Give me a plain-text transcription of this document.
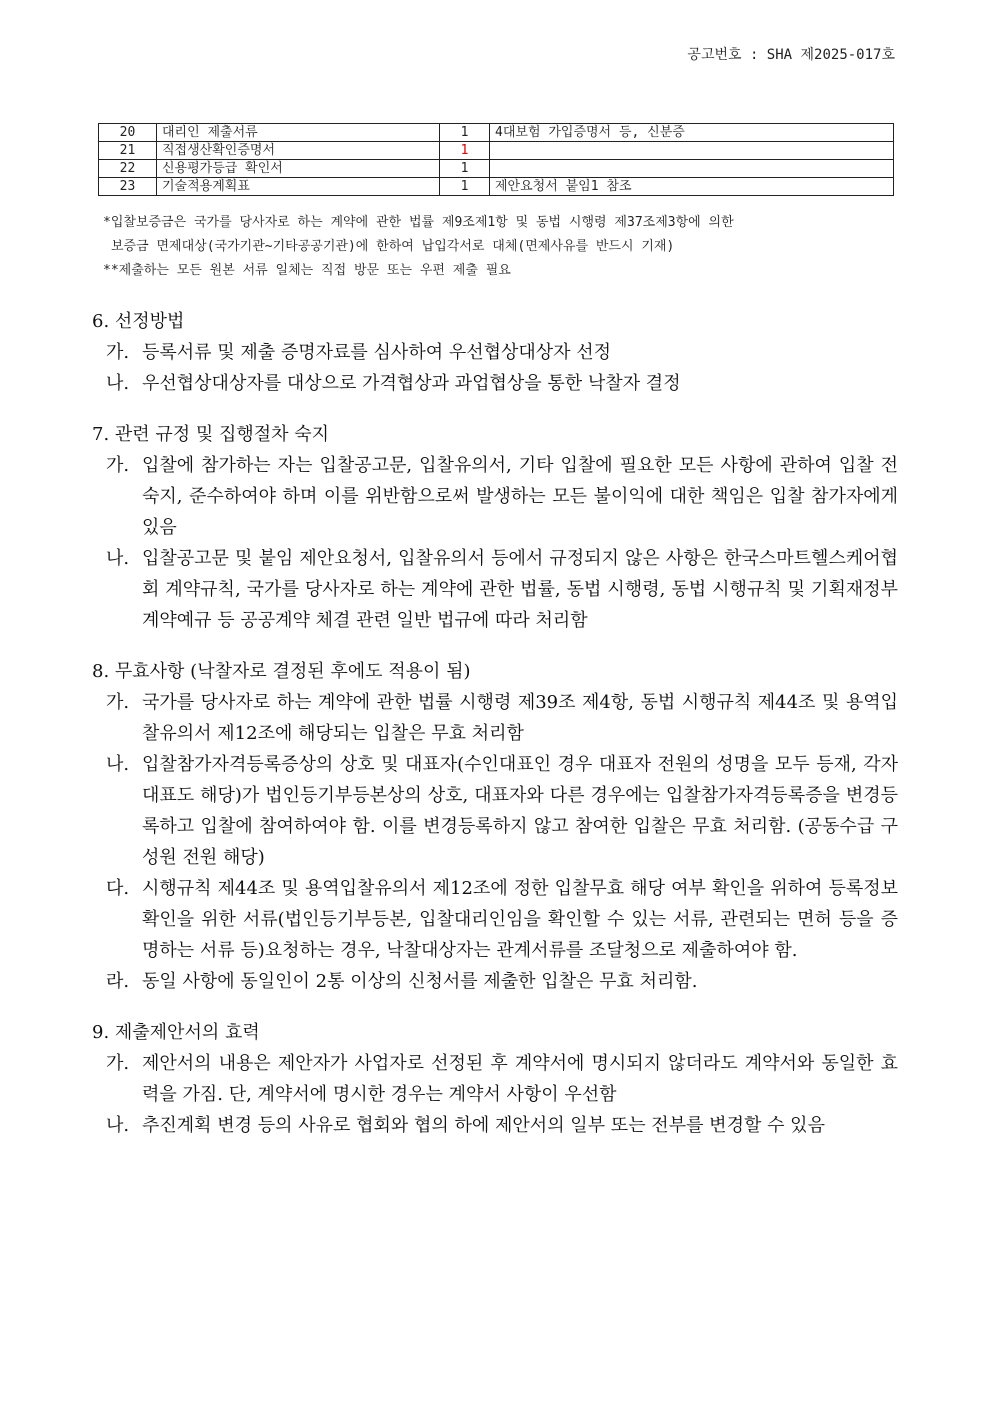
공고번호 : SHA 제2025-017호
20	대리인 제출서류	1	4대보험 가입증명서 등, 신분증
21	직접생산확인증명서	1	
22	신용평가등급 확인서	1	
23	기술적용계획표	1	제안요청서 붙임1 참조
*입찰보증금은 국가를 당사자로 하는 계약에 관한 법률 제9조제1항 및 동법 시행령 제37조제3항에 의한
보증금 면제대상(국가기관~기타공공기관)에 한하여 납입각서로 대체(면제사유를 반드시 기재)
**제출하는 모든 원본 서류 일체는 직접 방문 또는 우편 제출 필요
6. 선정방법
가. 등록서류 및 제출 증명자료를 심사하여 우선협상대상자 선정
나. 우선협상대상자를 대상으로 가격협상과 과업협상을 통한 낙찰자 결정
7. 관련 규정 및 집행절차 숙지
가. 입찰에 참가하는 자는 입찰공고문, 입찰유의서, 기타 입찰에 필요한 모든 사항에 관하여 입찰 전 숙지, 준수하여야 하며 이를 위반함으로써 발생하는 모든 불이익에 대한 책임은 입찰 참가자에게 있음
나. 입찰공고문 및 붙임 제안요청서, 입찰유의서 등에서 규정되지 않은 사항은 한국스마트헬스케어협회 계약규칙, 국가를 당사자로 하는 계약에 관한 법률, 동법 시행령, 동법 시행규칙 및 기획재정부 계약예규 등 공공계약 체결 관련 일반 법규에 따라 처리함
8. 무효사항 (낙찰자로 결정된 후에도 적용이 됨)
가. 국가를 당사자로 하는 계약에 관한 법률 시행령 제39조 제4항, 동법 시행규칙 제44조 및 용역입찰유의서 제12조에 해당되는 입찰은 무효 처리함
나. 입찰참가자격등록증상의 상호 및 대표자(수인대표인 경우 대표자 전원의 성명을 모두 등재, 각자 대표도 해당)가 법인등기부등본상의 상호, 대표자와 다른 경우에는 입찰참가자격등록증을 변경등록하고 입찰에 참여하여야 함. 이를 변경등록하지 않고 참여한 입찰은 무효 처리함. (공동수급 구성원 전원 해당)
다. 시행규칙 제44조 및 용역입찰유의서 제12조에 정한 입찰무효 해당 여부 확인을 위하여 등록정보 확인을 위한 서류(법인등기부등본, 입찰대리인임을 확인할 수 있는 서류, 관련되는 면허 등을 증명하는 서류 등)요청하는 경우, 낙찰대상자는 관계서류를 조달청으로 제출하여야 함.
라. 동일 사항에 동일인이 2통 이상의 신청서를 제출한 입찰은 무효 처리함.
9. 제출제안서의 효력
가. 제안서의 내용은 제안자가 사업자로 선정된 후 계약서에 명시되지 않더라도 계약서와 동일한 효력을 가짐. 단, 계약서에 명시한 경우는 계약서 사항이 우선함
나. 추진계획 변경 등의 사유로 협회와 협의 하에 제안서의 일부 또는 전부를 변경할 수 있음
